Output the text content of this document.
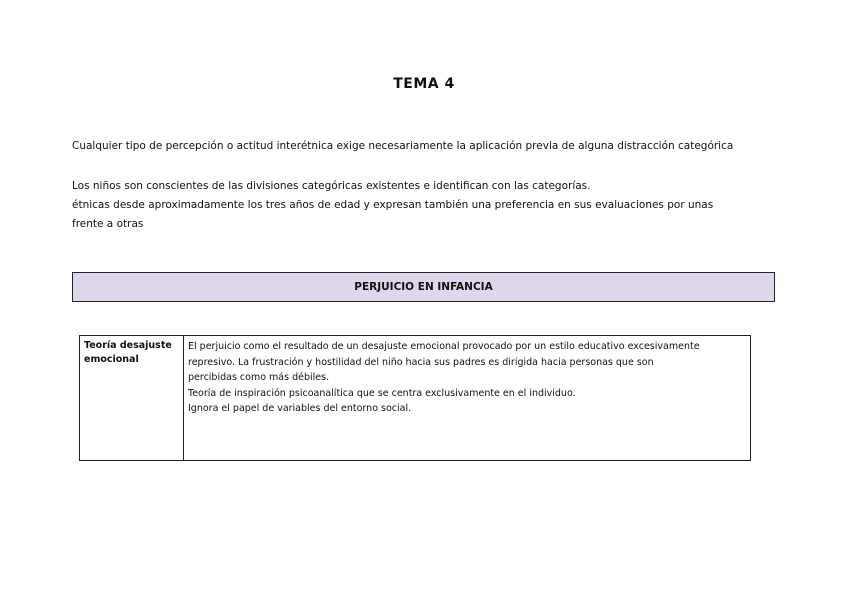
TEMA 4

Cualquier tipo de percepción o actitud interétnica exige necesariamente la aplicación previa de alguna distracción categórica

Los niños son conscientes de las divisiones categóricas existentes e identifican con las categorías.
étnicas desde aproximadamente los tres años de edad y expresan también una preferencia en sus evaluaciones por unas
frente a otras

PERJUICIO EN INFANCIA
Teoría desajuste emocional
El perjuicio como el resultado de un desajuste emocional provocado por un estilo educativo excesivamente
represivo. La frustración y hostilidad del niño hacia sus padres es dirigida hacia personas que son
percibidas como más débiles.
Teoría de inspiración psicoanalítica que se centra exclusivamente en el individuo.
Ignora el papel de variables del entorno social.
